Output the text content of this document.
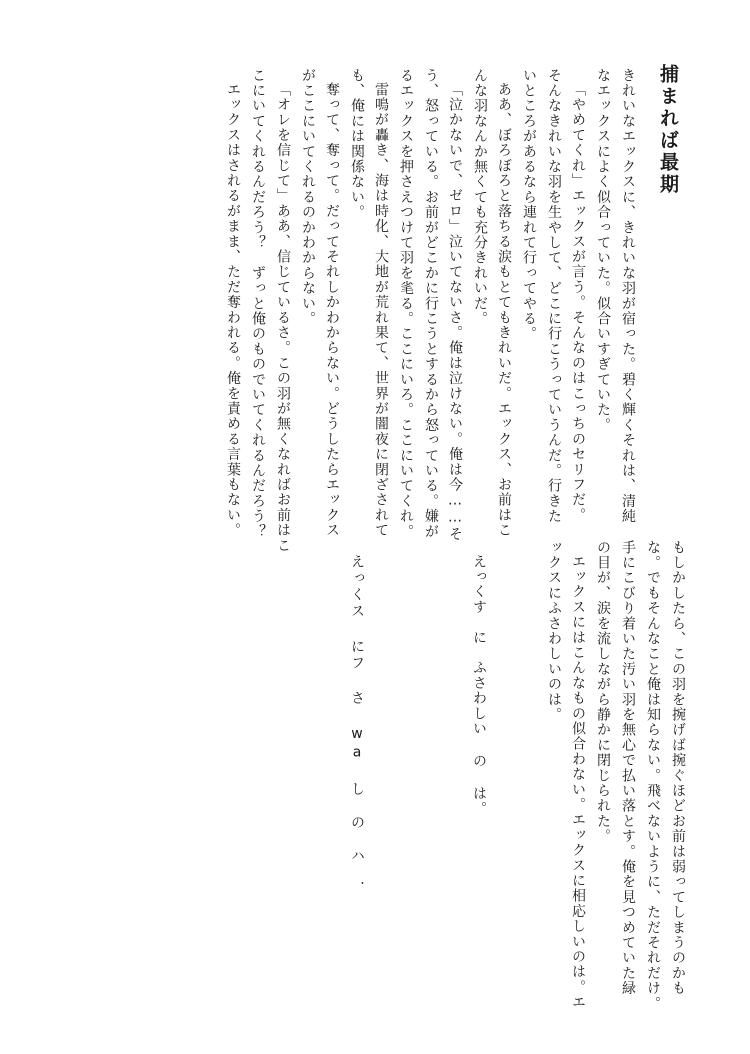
捕まれば最期
きれいなエックスに、きれいな羽が宿った。碧く輝くそれは、清純
なエックスによく似合っていた。似合いすぎていた。
「やめてくれ」エックスが言う。そんなのはこっちのセリフだ。
そんなきれいな羽を生やして、どこに行こうっていうんだ。行きた
いところがあるなら連れて行ってやる。
ああ、ぼろぼろと落ちる涙もとてもきれいだ。エックス、お前はこ
んな羽なんか無くても充分きれいだ。
「泣かないで、ゼロ」泣いてないさ。俺は泣けない。俺は今……そ
う、怒っている。お前がどこかに行こうとするから怒っている。嫌が
るエックスを押さえつけて羽を毟る。ここにいろ。ここにいてくれ。
雷鳴が轟き、海は時化、大地が荒れ果て、世界が闇夜に閉ざされて
も、俺には関係ない。
奪って、奪って。だってそれしかわからない。どうしたらエックス
がここにいてくれるのかわからない。
「オレを信じて」ああ、信じているさ。この羽が無くなればお前はこ
こにいてくれるんだろう？　ずっと俺のものでいてくれるんだろう？
エックスはされるがまま、ただ奪われる。俺を責める言葉もない。
もしかしたら、この羽を捥げば捥ぐほどお前は弱ってしまうのかも
な。でもそんなこと俺は知らない。飛べないように、ただそれだけ。
手にこびり着いた汚い羽を無心で払い落とす。俺を見つめていた緑
の目が、涙を流しながら静かに閉じられた。
エックスにはこんなもの似合わない。エックスに相応しいのは。エ
ックスにふさわしいのは。
えっくす　に　ふさわしい の は。
えっくス にフ さ wa し　の　ハ　．
